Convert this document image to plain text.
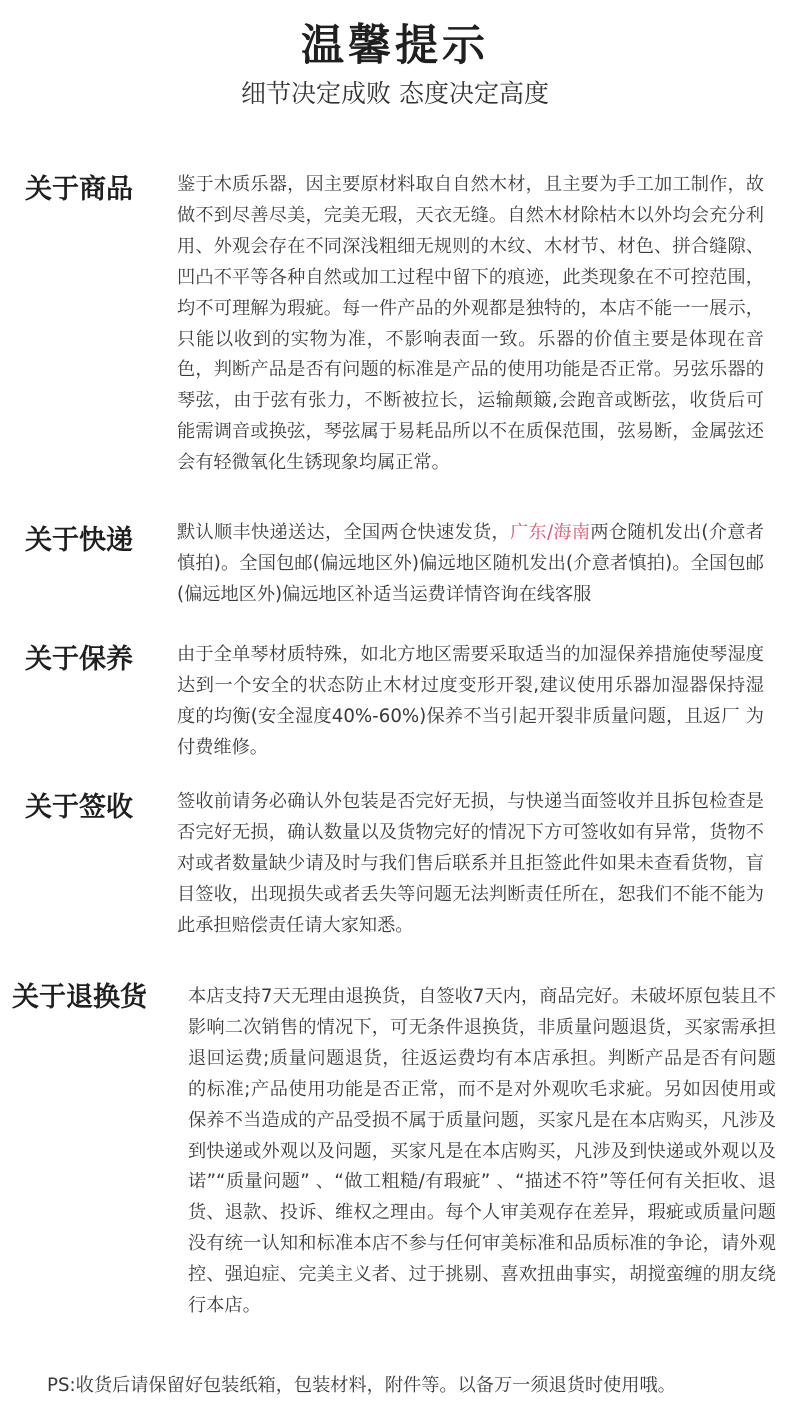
温馨提示
细节决定成败 态度决定高度
关于商品 鉴于木质乐器，因主要原材料取自自然木材，且主要为手工加工制作，故做不到尽善尽美，完美无瑕，天衣无缝。自然木材除枯木以外均会充分利用、外观会存在不同深浅粗细无规则的木纹、木材节、材色、拼合缝隙、凹凸不平等各种自然或加工过程中留下的痕迹，此类现象在不可控范围，均不可理解为瑕疵。每一件产品的外观都是独特的，本店不能一一展示，只能以收到的实物为准，不影响表面一致。乐器的价值主要是体现在音色，判断产品是否有问题的标准是产品的使用功能是否正常。另弦乐器的琴弦，由于弦有张力，不断被拉长，运输颠簸,会跑音或断弦，收货后可能需调音或换弦，琴弦属于易耗品所以不在质保范围，弦易断，金属弦还会有轻微氧化生锈现象均属正常。
关于快递 默认顺丰快递送达，全国两仓快速发货，广东/海南两仓随机发出(介意者慎拍)。全国包邮(偏远地区外)偏远地区随机发出(介意者慎拍)。全国包邮(偏远地区外)偏远地区补适当运费详情咨询在线客服
关于保养 由于全单琴材质特殊，如北方地区需要采取适当的加湿保养措施使琴湿度达到一个安全的状态防止木材过度变形开裂,建议使用乐器加湿器保持湿度的均衡(安全湿度40%-60%)保养不当引起开裂非质量问题，且返厂 为付费维修。
关于签收 签收前请务必确认外包装是否完好无损，与快递当面签收并且拆包检查是否完好无损，确认数量以及货物完好的情况下方可签收如有异常，货物不对或者数量缺少请及时与我们售后联系并且拒签此件如果未查看货物，盲目签收，出现损失或者丢失等问题无法判断责任所在，恕我们不能不能为此承担赔偿责任请大家知悉。
关于退换货 本店支持7天无理由退换货，自签收7天内，商品完好。未破坏原包装且不影响二次销售的情况下，可无条件退换货，非质量问题退货，买家需承担退回运费;质量问题退货，往返运费均有本店承担。判断产品是否有问题的标准;产品使用功能是否正常，而不是对外观吹毛求疵。另如因使用或保养不当造成的产品受损不属于质量问题，买家凡是在本店购买，凡涉及到快递或外观以及问题，买家凡是在本店购买，凡涉及到快递或外观以及诺”“质量问题” 、“做工粗糙/有瑕疵” 、“描述不符”等任何有关拒收、退货、退款、投诉、维权之理由。每个人审美观存在差异，瑕疵或质量问题没有统一认知和标准本店不参与任何审美标准和品质标准的争论，请外观控、强迫症、完美主义者、过于挑剔、喜欢扭曲事实，胡搅蛮缠的朋友绕行本店。
PS:收货后请保留好包装纸箱，包装材料，附件等。以备万一须退货时使用哦。
